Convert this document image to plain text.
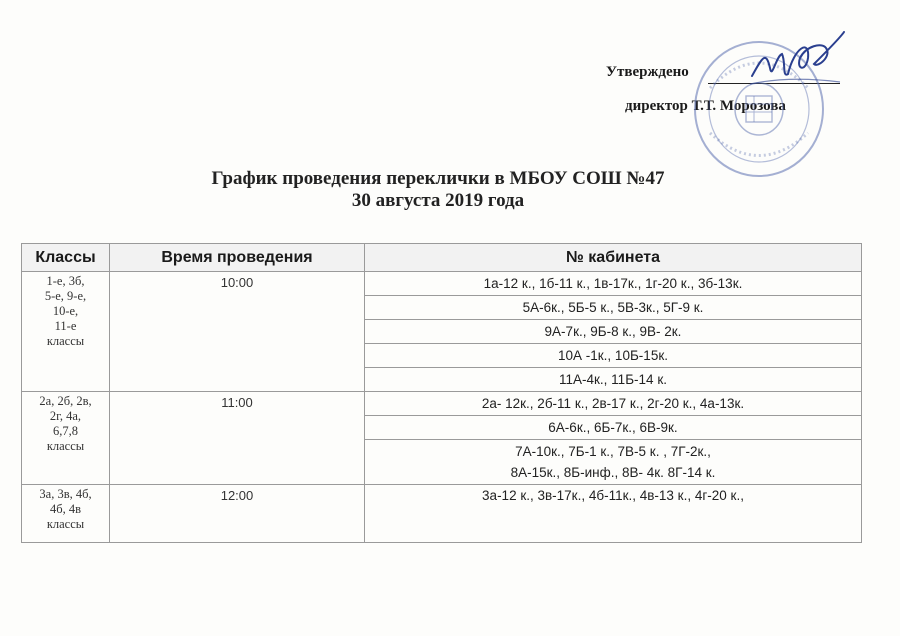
Утверждено
директор Т.Т. Морозова
График проведения переклички в МБОУ СОШ №47
30 августа 2019 года
Классы	Время проведения	№ кабинета

1-е, 3б,
5-е, 9-е,
10-е,
11-е
классы	10:00	1а-12 к., 1б-11 к., 1в-17к., 1г-20 к., 3б-13к.
		5А-6к., 5Б-5 к., 5В-3к., 5Г-9 к.
		9А-7к., 9Б-8 к., 9В- 2к.
		10А -1к., 10Б-15к.
		11А-4к., 11Б-14 к.

2а, 2б, 2в,
2г, 4а,
6,7,8
классы	11:00	2а- 12к., 2б-11 к., 2в-17 к., 2г-20 к., 4а-13к.
		6А-6к., 6Б-7к., 6В-9к.

		7А-10к., 7Б-1 к., 7В-5 к. , 7Г-2к.,
8А-15к., 8Б-инф., 8В- 4к. 8Г-14 к.

3а, 3в, 4б,
4б, 4в
классы	12:00	3а-12 к., 3в-17к., 4б-11к., 4в-13 к., 4г-20 к.,
